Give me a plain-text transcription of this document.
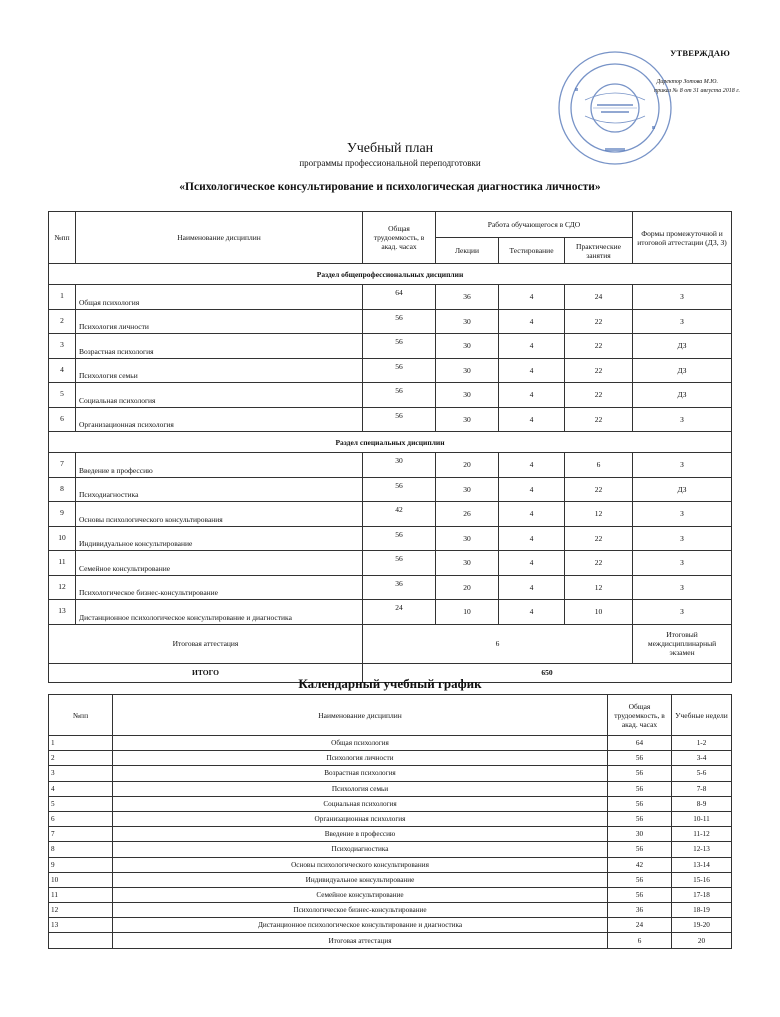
УТВЕРЖДАЮ
Директор Зотова М.Ю.
приказ № 8 от 31 августа 2018 г.
Учебный план
программы профессиональной переподготовки
«Психологическое консультирование и психологическая диагностика личности»
№пп	Наименование дисциплин	Общая трудоемкость, в акад. часах	Работа обучающегося в СДО			Формы промежуточной и итоговой аттестации (ДЗ, З)
			Лекции	Тестирование	Практические занятия	
Раздел общепрофессиональных дисциплин						
1	Общая психология	64	36	4	24	З
2	Психология личности	56	30	4	22	З
3	Возрастная психология	56	30	4	22	ДЗ
4	Психология семьи	56	30	4	22	ДЗ
5	Социальная психология	56	30	4	22	ДЗ
6	Организационная психология	56	30	4	22	З
Раздел специальных дисциплин						
7	Введение в профессию	30	20	4	6	З
8	Психодиагностика	56	30	4	22	ДЗ
9	Основы психологического консультирования	42	26	4	12	З
10	Индивидуальное консультирование	56	30	4	22	З
11	Семейное консультирование	56	30	4	22	З
12	Психологическое бизнес-консультирование	36	20	4	12	З
13	Дистанционное психологическое консультирование и диагностика	24	10	4	10	З
Итоговая аттестация		6				Итоговый междисциплинарный экзамен
ИТОГО		650				
Календарный учебный график
№пп	Наименование дисциплин	Общая трудоемкость, в акад. часах	Учебные недели
1	Общая психология	64	1-2
2	Психология личности	56	3-4
3	Возрастная психология	56	5-6
4	Психология семьи	56	7-8
5	Социальная психология	56	8-9
6	Организационная психология	56	10-11
7	Введение в профессию	30	11-12
8	Психодиагностика	56	12-13
9	Основы психологического консультирования	42	13-14
10	Индивидуальное консультирование	56	15-16
11	Семейное консультирование	56	17-18
12	Психологическое бизнес-консультирование	36	18-19
13	Дистанционное психологическое консультирование и диагностика	24	19-20
	Итоговая аттестация	6	20
